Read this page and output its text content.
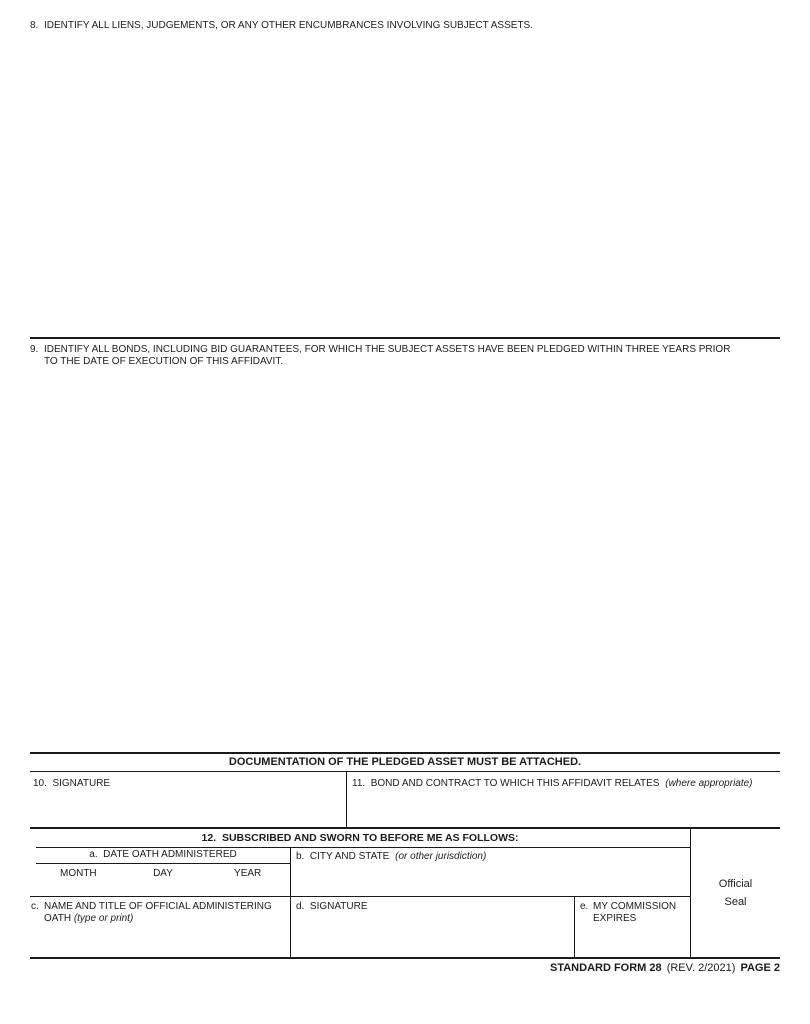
8. IDENTIFY ALL LIENS, JUDGEMENTS, OR ANY OTHER ENCUMBRANCES INVOLVING SUBJECT ASSETS.
9. IDENTIFY ALL BONDS, INCLUDING BID GUARANTEES, FOR WHICH THE SUBJECT ASSETS HAVE BEEN PLEDGED WITHIN THREE YEARS PRIOR
TO THE DATE OF EXECUTION OF THIS AFFIDAVIT.
DOCUMENTATION OF THE PLEDGED ASSET MUST BE ATTACHED.
10.  SIGNATURE	11.  BOND AND CONTRACT TO WHICH THIS AFFIDAVIT RELATES (where appropriate)
12.  SUBSCRIBED AND SWORN TO BEFORE ME AS FOLLOWS:
Official
Seal
a.  DATE OATH ADMINISTERED
MONTH	DAY	YEAR
b.  CITY AND STATE (or other jurisdiction)
c. NAME AND TITLE OF OFFICIAL ADMINISTERING
OATH (type or print)
d.  SIGNATURE	e. MY COMMISSION
EXPIRES
STANDARD FORM 28 (REV. 2/2021) PAGE 2
